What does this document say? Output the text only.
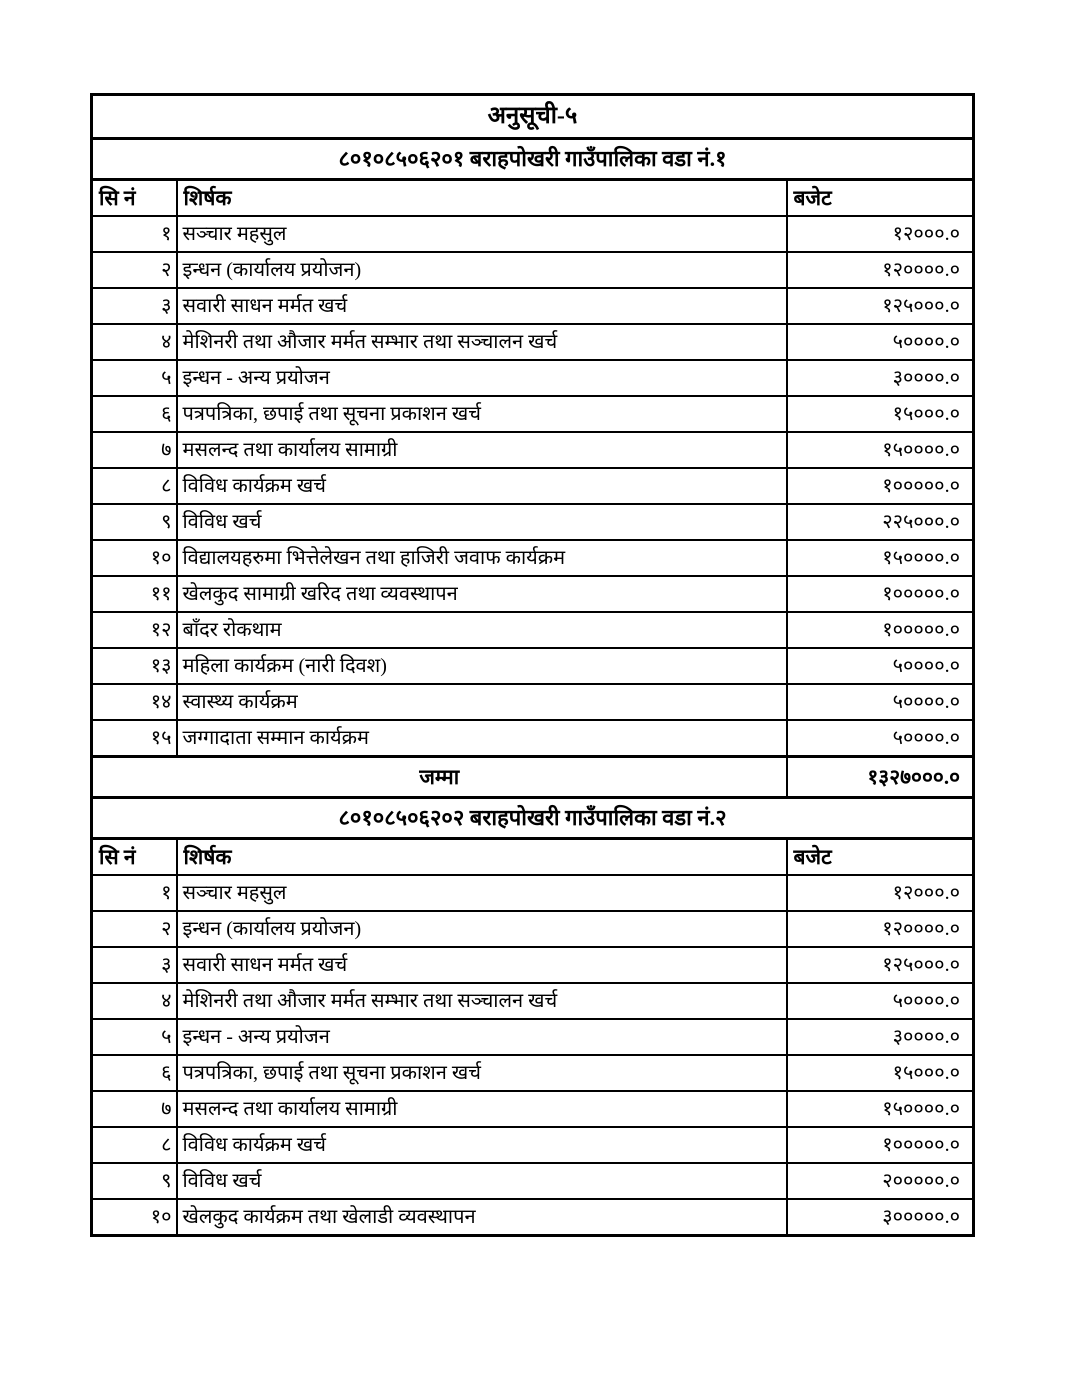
अनुसूची-५		
८०१०८५०६२०१ बराहपोखरी गाउँपालिका वडा नं.१		
सि नं	शिर्षक	बजेट
१	सञ्चार महसुल	१२०००.०
२	इन्धन (कार्यालय प्रयोजन)	१२००००.०
३	सवारी साधन मर्मत खर्च	१२५०००.०
४	मेशिनरी तथा औजार मर्मत सम्भार तथा सञ्चालन खर्च	५००००.०
५	इन्धन - अन्य प्रयोजन	३००००.०
६	पत्रपत्रिका, छपाई तथा सूचना प्रकाशन खर्च	१५०००.०
७	मसलन्द तथा कार्यालय सामाग्री	१५००००.०
८	विविध कार्यक्रम खर्च	१०००००.०
९	विविध खर्च	२२५०००.०
१०	विद्यालयहरुमा भित्तेलेखन तथा हाजिरी जवाफ कार्यक्रम	१५००००.०
११	खेलकुद सामाग्री खरिद तथा व्यवस्थापन	१०००००.०
१२	बाँदर रोकथाम	१०००००.०
१३	महिला कार्यक्रम (नारी दिवश)	५००००.०
१४	स्वास्थ्य कार्यक्रम	५००००.०
१५	जग्गादाता सम्मान कार्यक्रम	५००००.०
जम्मा		१३२७०००.०
८०१०८५०६२०२ बराहपोखरी गाउँपालिका वडा नं.२		
सि नं	शिर्षक	बजेट
१	सञ्चार महसुल	१२०००.०
२	इन्धन (कार्यालय प्रयोजन)	१२००००.०
३	सवारी साधन मर्मत खर्च	१२५०००.०
४	मेशिनरी तथा औजार मर्मत सम्भार तथा सञ्चालन खर्च	५००००.०
५	इन्धन - अन्य प्रयोजन	३००००.०
६	पत्रपत्रिका, छपाई तथा सूचना प्रकाशन खर्च	१५०००.०
७	मसलन्द तथा कार्यालय सामाग्री	१५००००.०
८	विविध कार्यक्रम खर्च	१०००००.०
९	विविध खर्च	२०००००.०
१०	खेलकुद कार्यक्रम तथा खेलाडी व्यवस्थापन	३०००००.०
